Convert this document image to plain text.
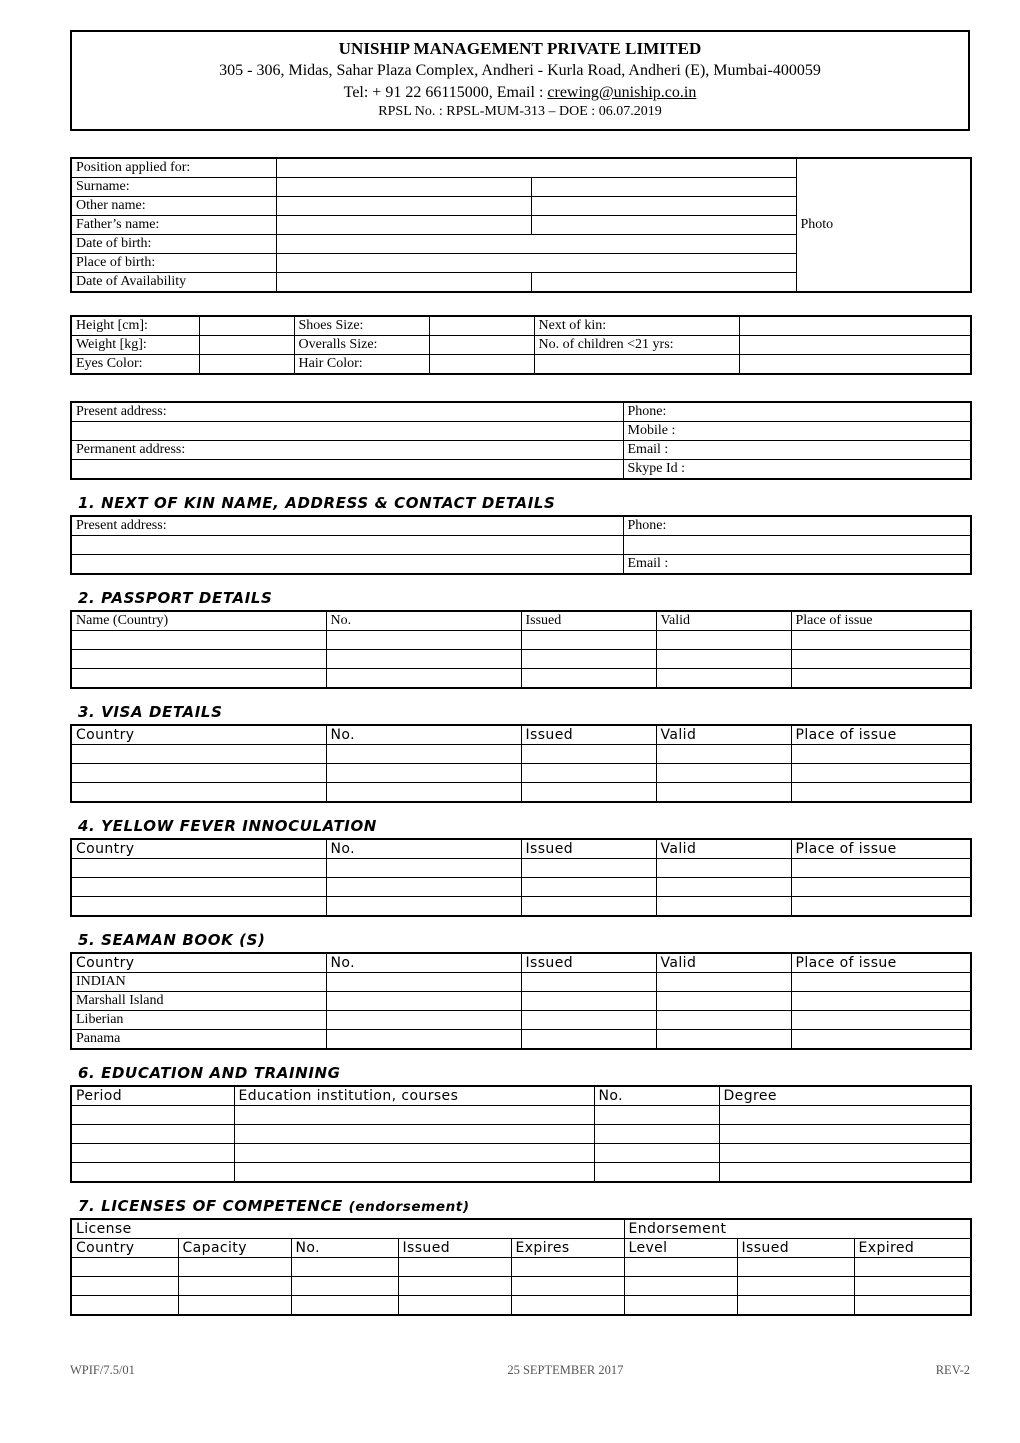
UNISHIP MANAGEMENT PRIVATE LIMITED
305 - 306, Midas, Sahar Plaza Complex, Andheri - Kurla Road, Andheri (E), Mumbai-400059
Tel: + 91 22 66115000, Email : crewing@uniship.co.in
RPSL No. : RPSL-MUM-313 – DOE : 06.07.2019
Position applied for:			Photo
Surname:			
Other name:			
Father’s name:			
Date of birth:			
Place of birth:			
Date of Availability			
Height [cm]:		Shoes Size:		Next of kin:	
Weight [kg]:		Overalls Size:		No. of children <21 yrs:	
Eyes Color:		Hair Color:			
Present address:	Phone:
	Mobile :
Permanent address:	Email :
	Skype Id :
1. NEXT OF KIN NAME, ADDRESS & CONTACT DETAILS
Present address:	Phone:

	Email :
2. PASSPORT DETAILS
Name (Country)	No.	Issued	Valid	Place of issue

3. VISA DETAILS
Country	No.	Issued	Valid	Place of issue

4. YELLOW FEVER INNOCULATION
Country	No.	Issued	Valid	Place of issue

5. SEAMAN BOOK (S)
Country	No.	Issued	Valid	Place of issue
INDIAN				
Marshall Island				
Liberian				
Panama				
6. EDUCATION AND TRAINING
Period	Education institution, courses	No.	Degree

7. LICENSES OF COMPETENCE (endorsement)
License					Endorsement		
Country	Capacity	No.	Issued	Expires	Level	Issued	Expired

WPIF/7.5/01	25 SEPTEMBER 2017	REV-2
